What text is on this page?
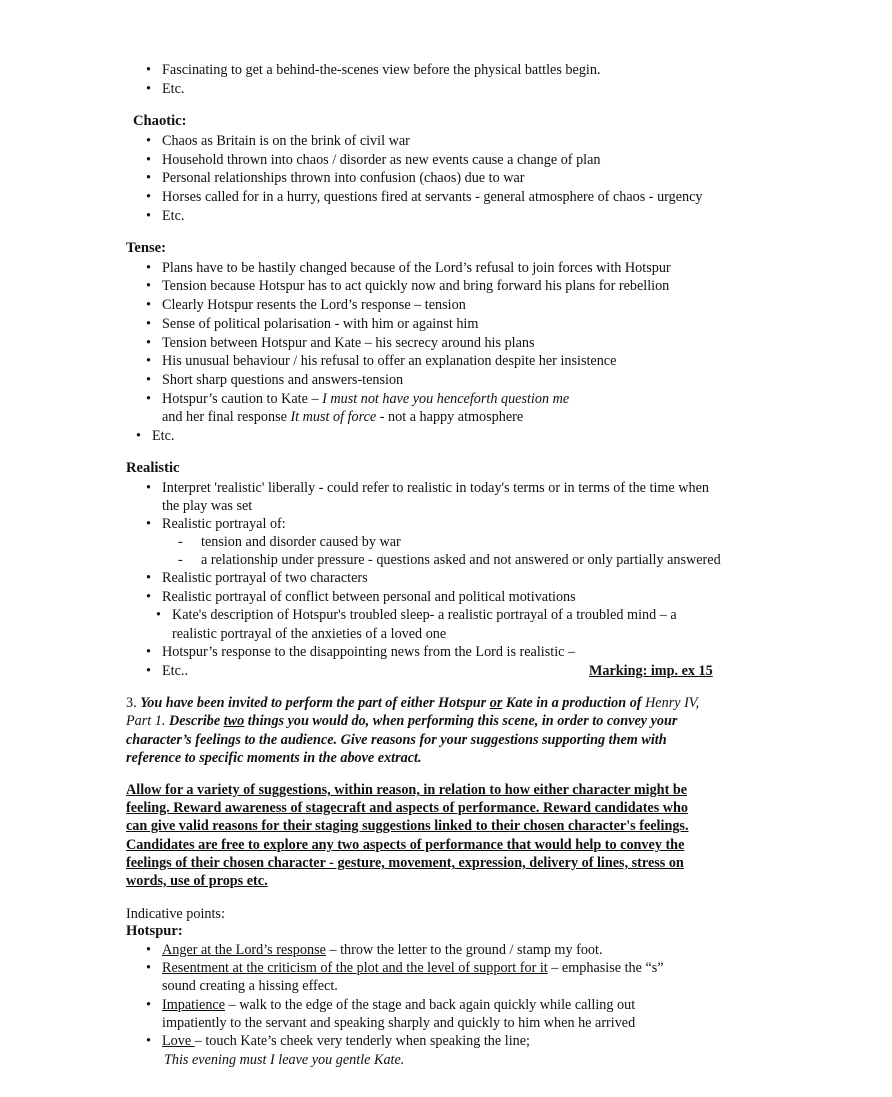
• Fascinating to get a behind-the-scenes view before the physical battles begin.
• Etc.
Chaotic:
• Chaos as Britain is on the brink of civil war
• Household thrown into chaos / disorder as new events cause a change of plan
• Personal relationships thrown into confusion (chaos) due to war
• Horses called for in a hurry, questions fired at servants - general atmosphere of chaos - urgency
• Etc.
Tense:
• Plans have to be hastily changed because of the Lord’s refusal to join forces with Hotspur
• Tension because Hotspur has to act quickly now and bring forward his plans for rebellion
• Clearly Hotspur resents the Lord’s response – tension
• Sense of political polarisation - with him or against him
• Tension between Hotspur and Kate – his secrecy around his plans
• His unusual behaviour / his refusal to offer an explanation despite her insistence
• Short sharp questions and answers-tension
• Hotspur’s caution to Kate – I must not have you henceforth question me
and her final response It must of force - not a happy atmosphere
• Etc.
Realistic
• Interpret 'realistic' liberally - could refer to realistic in today's terms or in terms of the time when
the play was set
• Realistic portrayal of:
- tension and disorder caused by war
- a relationship under pressure - questions asked and not answered or only partially answered
• Realistic portrayal of two characters
• Realistic portrayal of conflict between personal and political motivations
• Kate's description of Hotspur's troubled sleep- a realistic portrayal of a troubled mind – a
realistic portrayal of the anxieties of a loved one
• Hotspur’s response to the disappointing news from the Lord is realistic –
• Etc..	Marking: imp. ex 15
3. You have been invited to perform the part of either Hotspur or Kate in a production of Henry IV,
Part 1. Describe two things you would do, when performing this scene, in order to convey your
character’s feelings to the audience. Give reasons for your suggestions supporting them with
reference to specific moments in the above extract.
Allow for a variety of suggestions, within reason, in relation to how either character might be
feeling. Reward awareness of stagecraft and aspects of performance. Reward candidates who
can give valid reasons for their staging suggestions linked to their chosen character's feelings.
Candidates are free to explore any two aspects of performance that would help to convey the
feelings of their chosen character - gesture, movement, expression, delivery of lines, stress on
words, use of props etc.
Indicative points:
Hotspur:
• Anger at the Lord’s response – throw the letter to the ground / stamp my foot.
• Resentment at the criticism of the plot and the level of support for it – emphasise the “s”
sound creating a hissing effect.
• Impatience – walk to the edge of the stage and back again quickly while calling out
impatiently to the servant and speaking sharply and quickly to him when he arrived
• Love – touch Kate’s cheek very tenderly when speaking the line;
This evening must I leave you gentle Kate.
